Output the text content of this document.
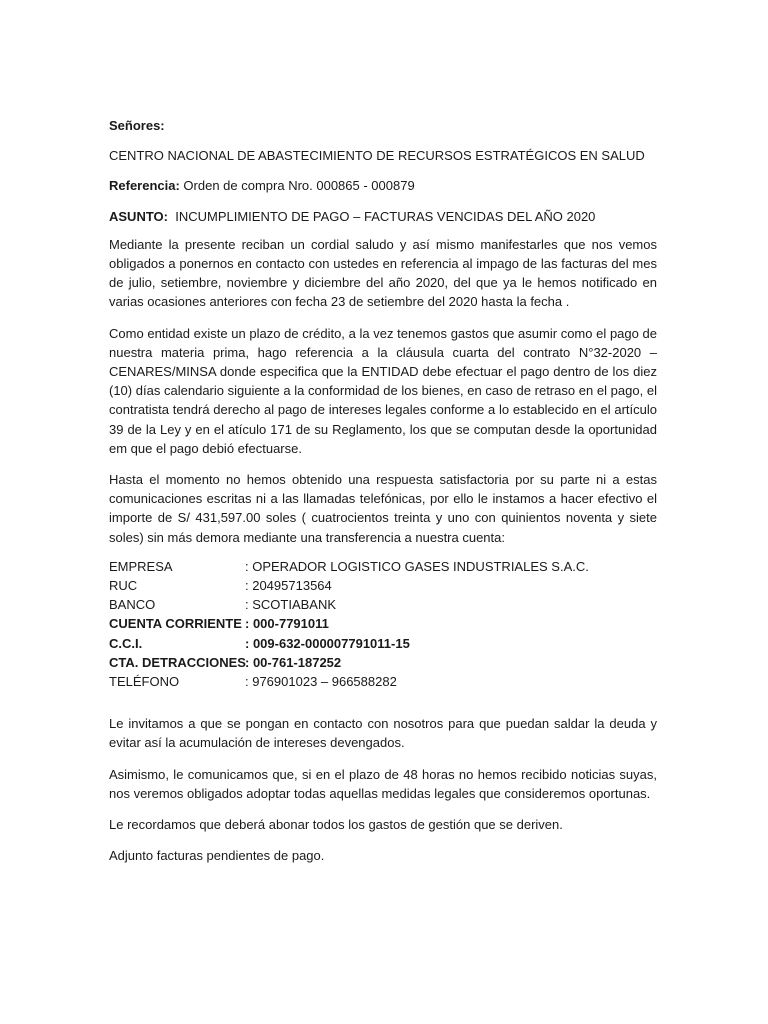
Señores:
CENTRO NACIONAL DE ABASTECIMIENTO DE RECURSOS ESTRATÉGICOS EN SALUD
Referencia: Orden de compra Nro. 000865 - 000879
ASUNTO:  INCUMPLIMIENTO DE PAGO – FACTURAS VENCIDAS DEL AÑO 2020

Mediante la presente reciban un cordial saludo y así mismo manifestarles que nos vemos obligados a ponernos en contacto con ustedes en referencia al impago de las facturas del mes de julio, setiembre, noviembre y diciembre del año 2020, del que ya le hemos notificado en varias ocasiones anteriores con fecha 23 de setiembre del 2020 hasta la fecha .

Como entidad existe un plazo de crédito, a la vez tenemos gastos que asumir como el pago de nuestra materia prima, hago referencia a la cláusula cuarta del contrato N°32-2020 – CENARES/MINSA donde especifica que la ENTIDAD debe efectuar el pago dentro de los diez (10) días calendario siguiente a la conformidad de los bienes, en caso de retraso en el pago, el contratista tendrá derecho al pago de intereses legales conforme a lo establecido en el artículo 39 de la Ley y en el atículo 171 de su Reglamento, los que se computan desde la oportunidad em que el pago debió efectuarse.

Hasta el momento no hemos obtenido una respuesta satisfactoria por su parte ni a estas comunicaciones escritas ni a las llamadas telefónicas, por ello le instamos a hacer efectivo el importe de S/ 431,597.00 soles ( cuatrocientos treinta y uno con quinientos noventa y siete soles) sin más demora mediante una transferencia a nuestra cuenta:

EMPRESA	: OPERADOR LOGISTICO GASES INDUSTRIALES S.A.C.
RUC	: 20495713564
BANCO	: SCOTIABANK
CUENTA CORRIENTE : 000-7791011
C.C.I.	: 009-632-000007791011-15
CTA. DETRACCIONES : 00-761-187252
TELÉFONO	: 976901023 – 966588282

Le invitamos a que se pongan en contacto con nosotros para que puedan saldar la deuda y evitar así la acumulación de intereses devengados.

Asimismo, le comunicamos que, si en el plazo de 48 horas no hemos recibido noticias suyas, nos veremos obligados adoptar todas aquellas medidas legales que consideremos oportunas.

Le recordamos que deberá abonar todos los gastos de gestión que se deriven.

Adjunto facturas pendientes de pago.
